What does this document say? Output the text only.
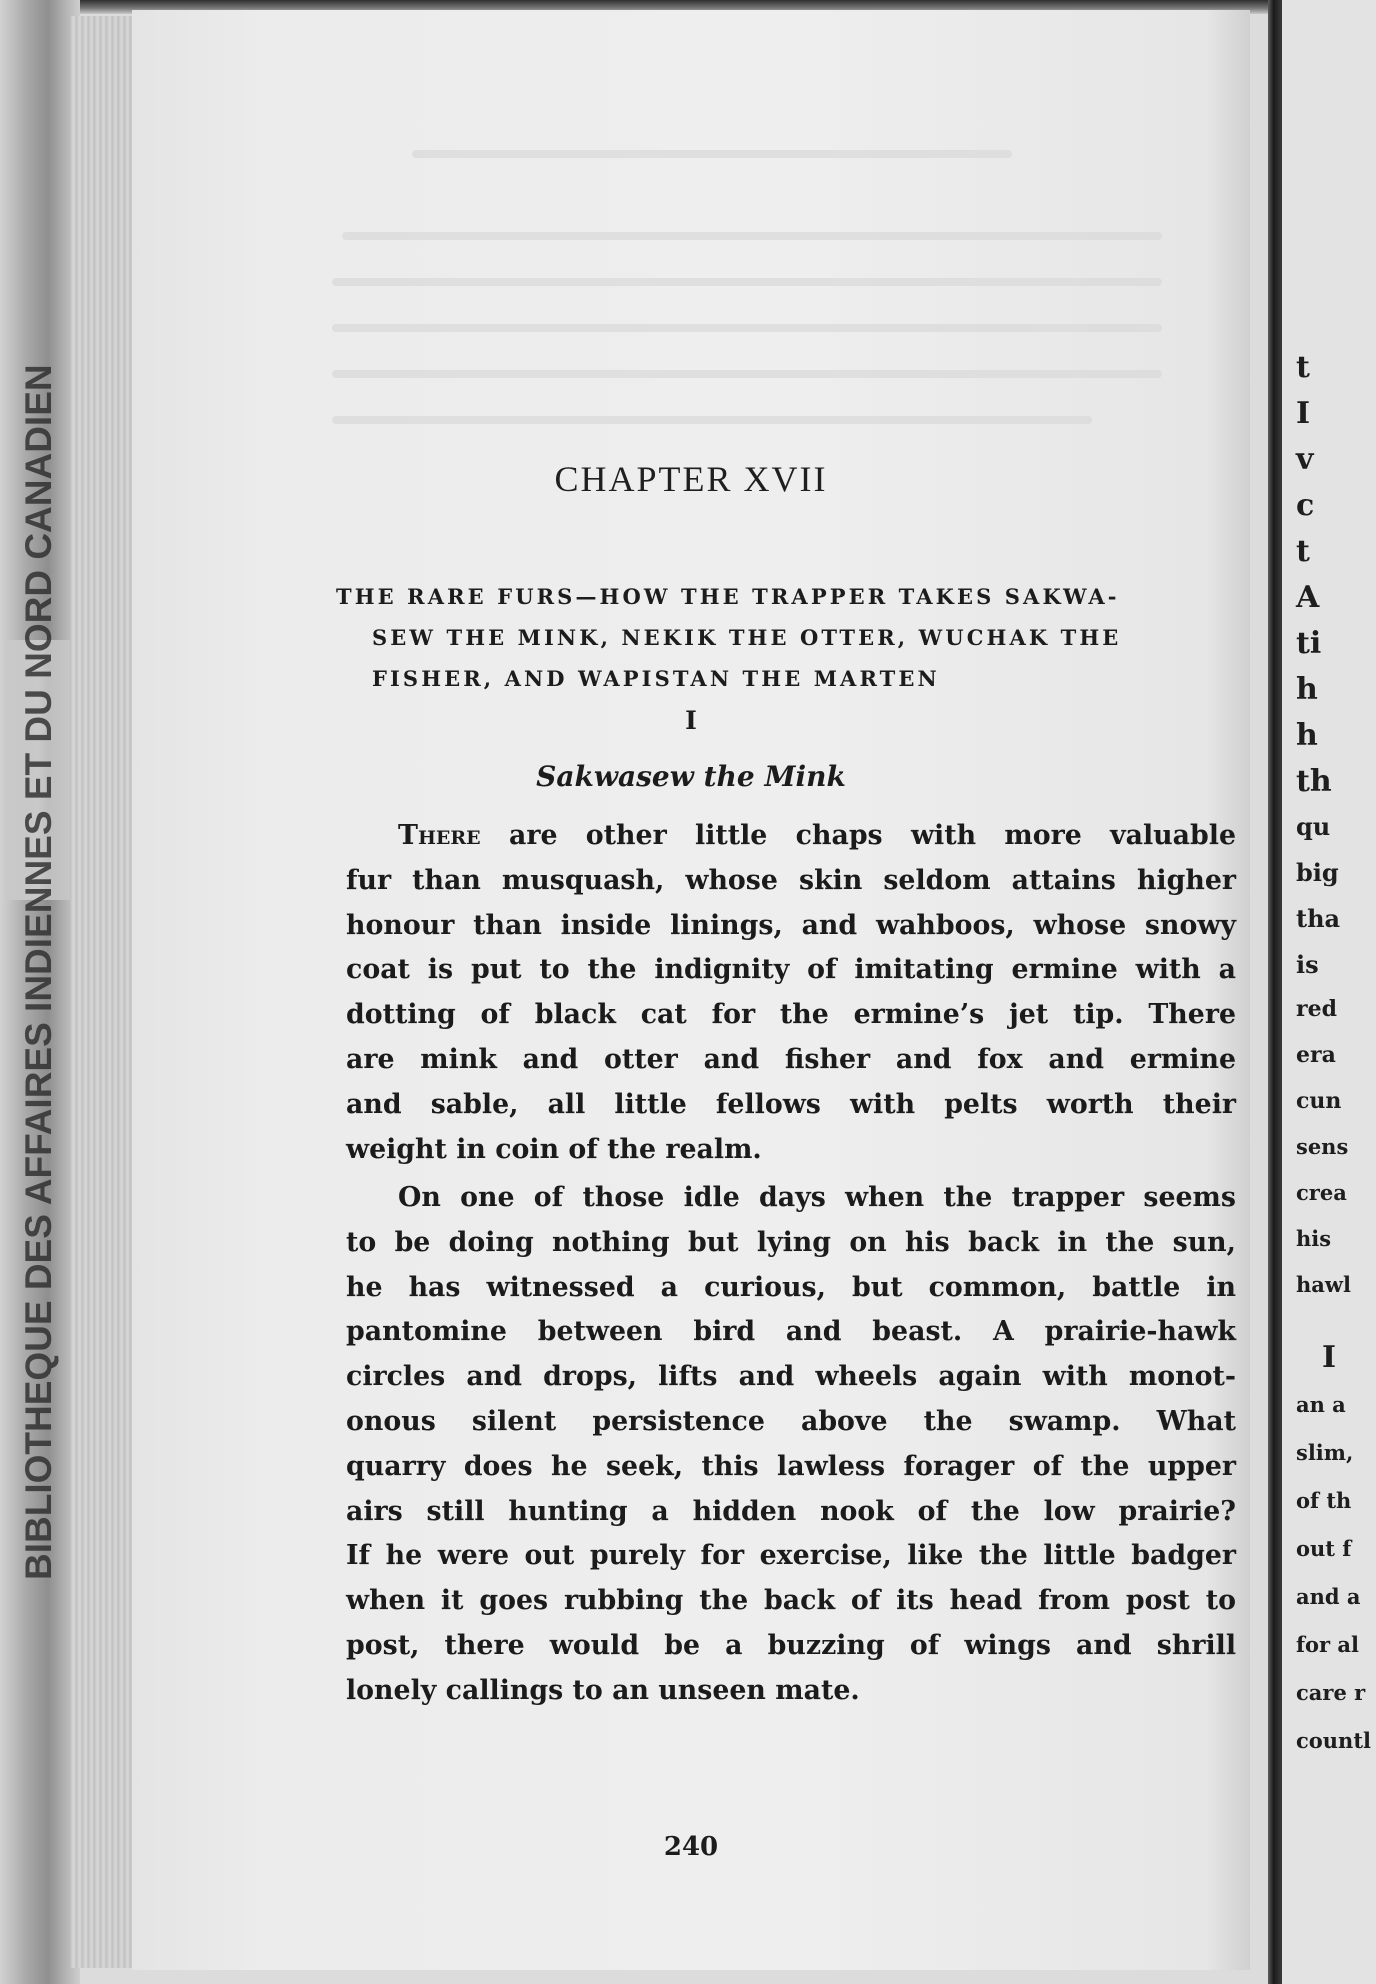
BIBLIOTHEQUE DES AFFAIRES INDIENNES ET DU NORD CANADIEN	CHAPTER XVII
THE RARE FURS—HOW THE TRAPPER TAKES SAKWA-
SEW THE MINK, NEKIK THE OTTER, WUCHAK THE
FISHER, AND WAPISTAN THE MARTEN
I
Sakwasew the Mink
There are other little chaps with more valuable
fur than musquash, whose skin seldom attains higher
honour than inside linings, and wahboos, whose snowy
coat is put to the indignity of imitating ermine with a
dotting of black cat for the ermine’s jet tip. There
are mink and otter and fisher and fox and ermine
and sable, all little fellows with pelts worth their
weight in coin of the realm.
On one of those idle days when the trapper seems
to be doing nothing but lying on his back in the sun,
he has witnessed a curious, but common, battle in
pantomine between bird and beast. A prairie-hawk
circles and drops, lifts and wheels again with monot-
onous silent persistence above the swamp. What
quarry does he seek, this lawless forager of the upper
airs still hunting a hidden nook of the low prairie?
If he were out purely for exercise, like the little badger
when it goes rubbing the back of its head from post to
post, there would be a buzzing of wings and shrill
lonely callings to an unseen mate.
240
t
I
v
c
t
A
ti
h
h
th
qu
big
tha
is
red
era
cun
sens
crea
his
hawl
I
an a
slim,
of th
out f
and a
for al
care r
countl
